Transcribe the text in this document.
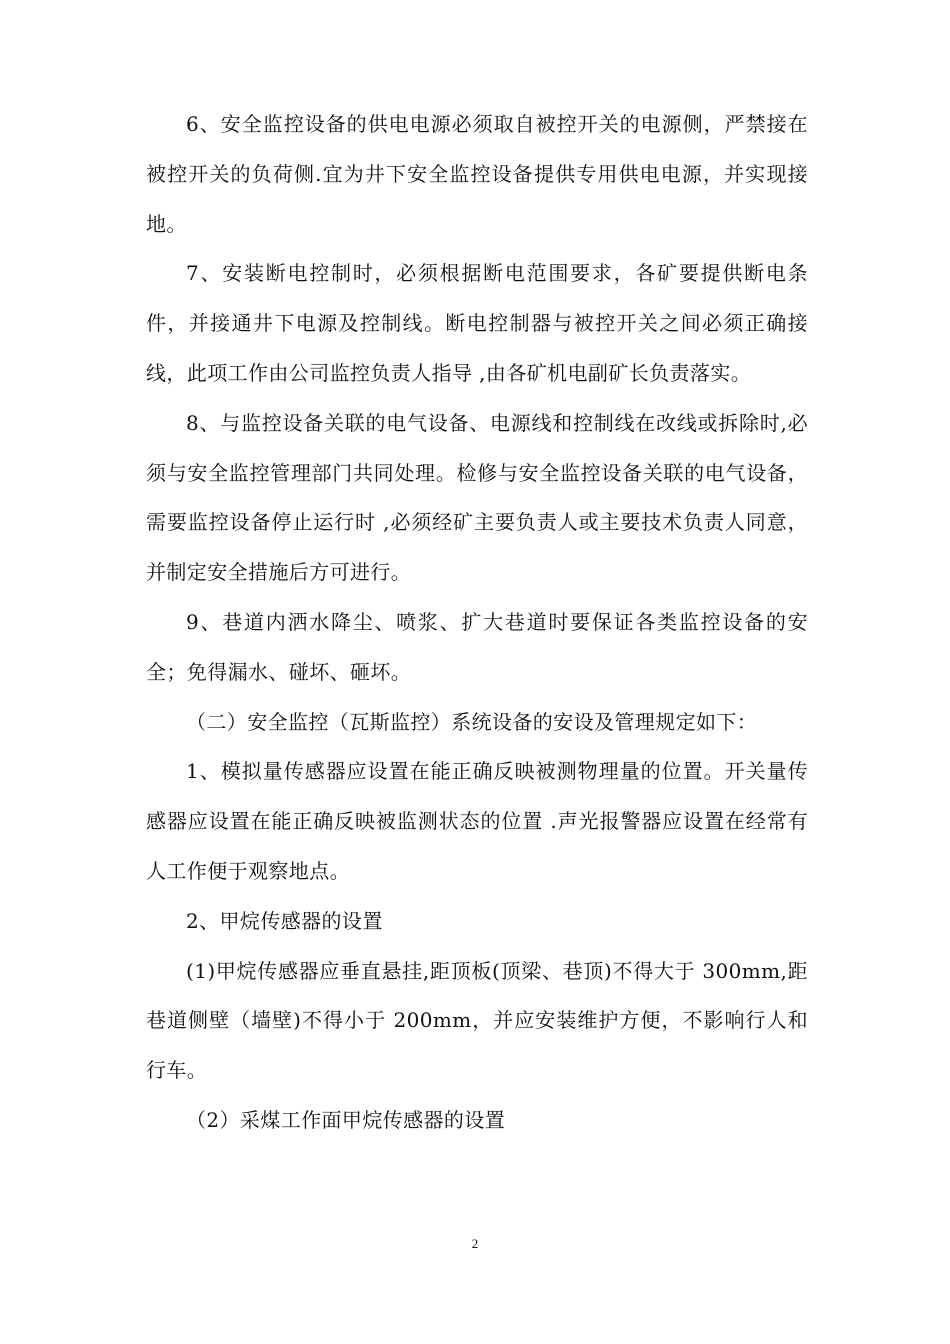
6、安全监控设备的供电电源必须取自被控开关的电源侧，严禁接在被控开关的负荷侧.宜为井下安全监控设备提供专用供电电源，并实现接地。

7、安装断电控制时，必须根据断电范围要求，各矿要提供断电条件，并接通井下电源及控制线。断电控制器与被控开关之间必须正确接线，此项工作由公司监控负责人指导 ,由各矿机电副矿长负责落实。

8、与监控设备关联的电气设备、电源线和控制线在改线或拆除时,必须与安全监控管理部门共同处理。检修与安全监控设备关联的电气设备，需要监控设备停止运行时 ,必须经矿主要负责人或主要技术负责人同意，并制定安全措施后方可进行。

9、巷道内洒水降尘、喷浆、扩大巷道时要保证各类监控设备的安全；免得漏水、碰坏、砸坏。

（二）安全监控（瓦斯监控）系统设备的安设及管理规定如下：

1、模拟量传感器应设置在能正确反映被测物理量的位置。开关量传感器应设置在能正确反映被监测状态的位置 .声光报警器应设置在经常有人工作便于观察地点。

2、甲烷传感器的设置

(1)甲烷传感器应垂直悬挂,距顶板(顶梁、巷顶)不得大于 300mm,距巷道侧壁（墙壁)不得小于 200mm，并应安装维护方便，不影响行人和行车。

（2）采煤工作面甲烷传感器的设置

2
